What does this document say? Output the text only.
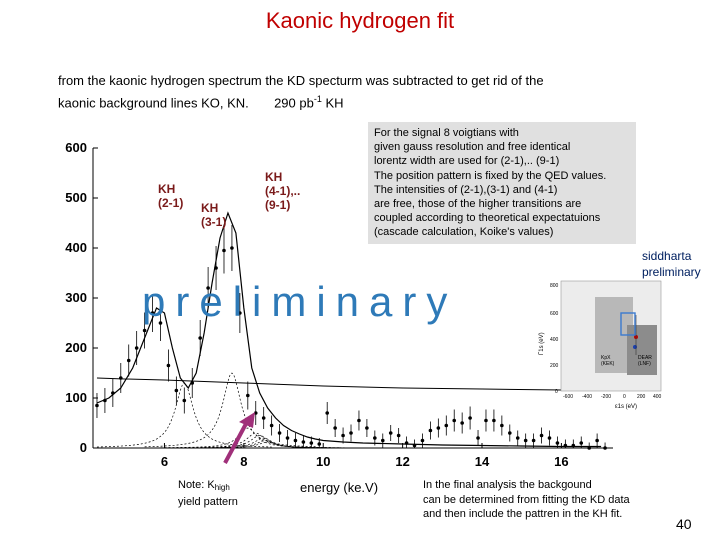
Kaonic hydrogen fit
from the kaonic hydrogen spectrum the KD specturm was subtracted to get rid of the
kaonic background lines KO, KN. 290 $pb^{-1}$ KH
0
100
200
300
400
500
600
6	8	10	12	14	16
KH
(2-1) KH
(3-1)
KH
(4-1),..
(9-1)
For the signal 8 voigtians with
given gauss resolution and free identical
lorentz width are used for (2-1),.. (9-1)
The position pattern is fixed by the QED values.
The intensities of (2-1),(3-1) and (4-1)
are free, those of the higher transitions are
coupled according to theoretical expectatuions
(cascade calculation, Koike's values)
preliminary
siddharta
preliminary
KpX
(KEK)
DEAR
(LNF)
-600 -400 -200 0 200 400
800
600
400
200
0
ε1s (eV)
Γ1s (eV)
Note: Khigh
yield pattern
energy (ke.V)	In the final analysis the backgound
can be determined from fitting the KD data
and then include the pattren in the KH fit.
40
